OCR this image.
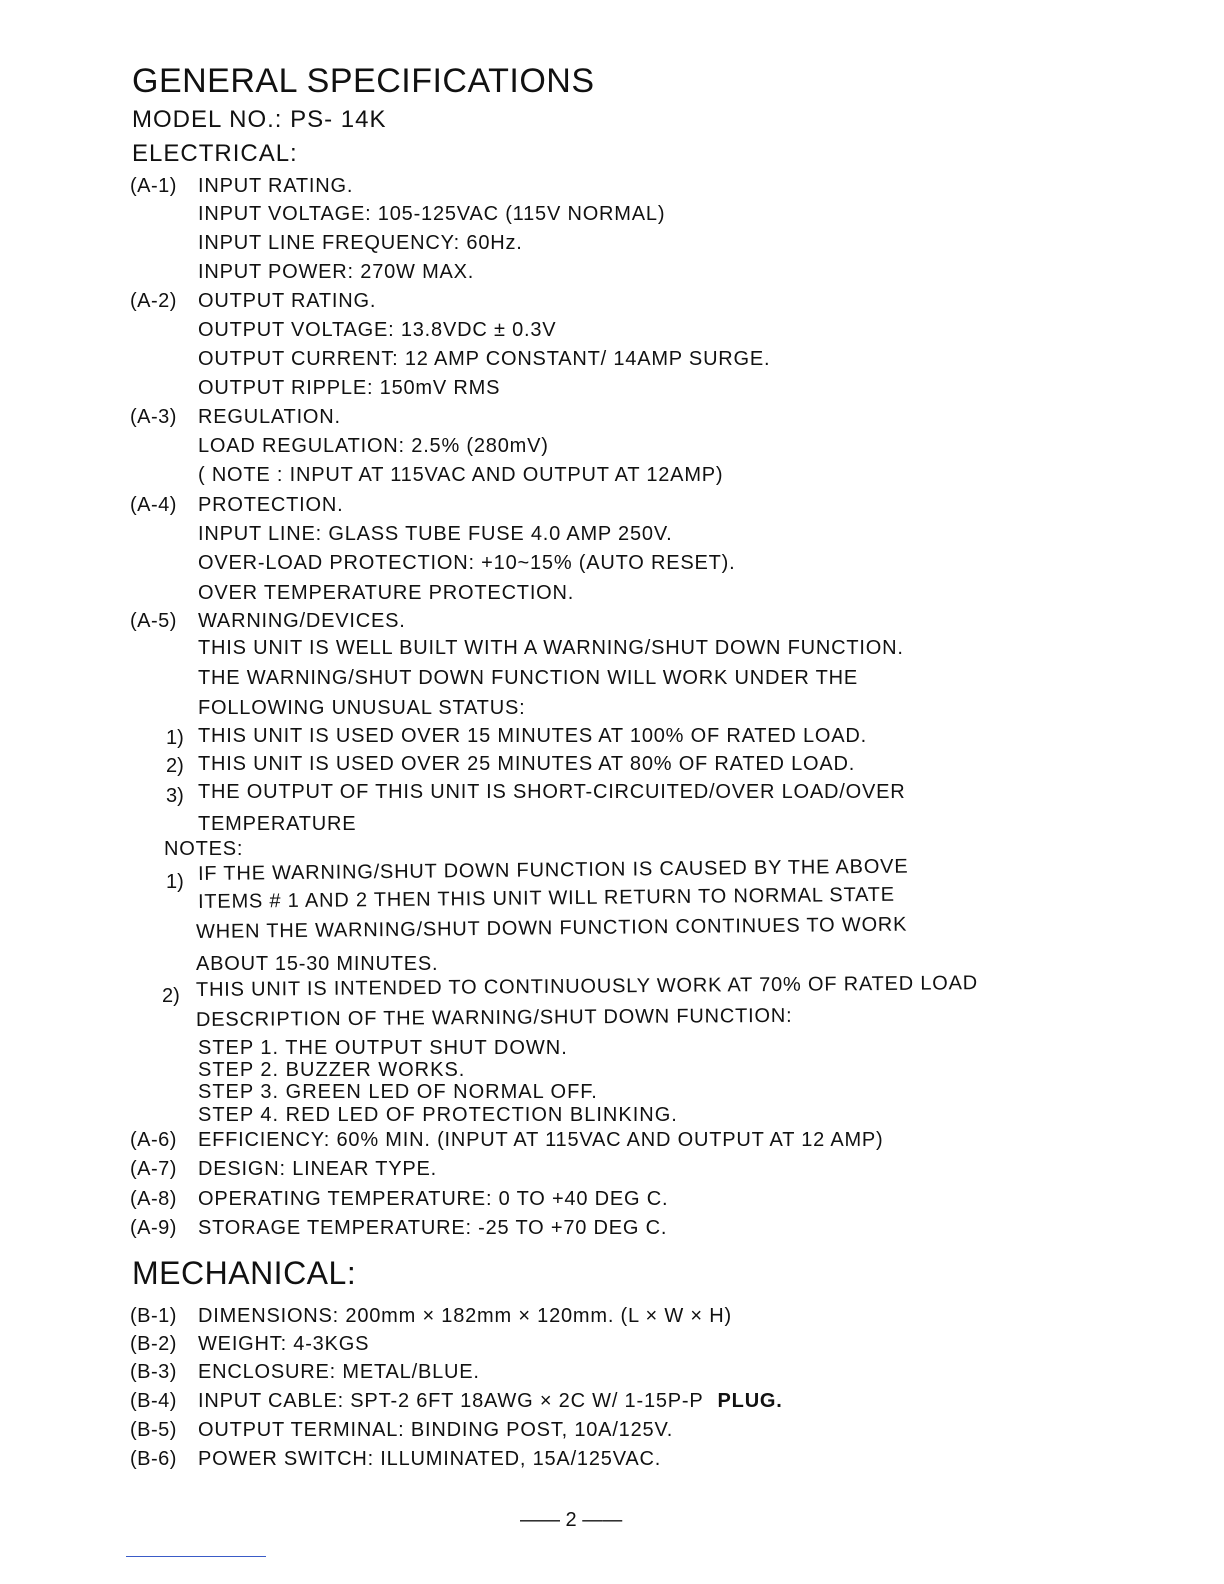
GENERAL SPECIFICATIONS
MODEL NO.: PS- 14K
ELECTRICAL:
(A-1) INPUT RATING.
INPUT VOLTAGE: 105-125VAC (115V NORMAL)
INPUT LINE FREQUENCY: 60Hz.
INPUT POWER: 270W MAX.
(A-2) OUTPUT RATING.
OUTPUT VOLTAGE: 13.8VDC ± 0.3V
OUTPUT CURRENT: 12 AMP CONSTANT/ 14AMP SURGE.
OUTPUT RIPPLE: 150mV RMS
(A-3) REGULATION.
LOAD REGULATION: 2.5% (280mV)
( NOTE : INPUT AT 115VAC AND OUTPUT AT 12AMP)
(A-4) PROTECTION.
INPUT LINE: GLASS TUBE FUSE 4.0 AMP 250V.
OVER-LOAD PROTECTION: +10~15% (AUTO RESET).
OVER TEMPERATURE PROTECTION.
(A-5) WARNING/DEVICES.
THIS UNIT IS WELL BUILT WITH A WARNING/SHUT DOWN FUNCTION.
THE WARNING/SHUT DOWN FUNCTION WILL WORK UNDER THE
FOLLOWING UNUSUAL STATUS:
1) THIS UNIT IS USED OVER 15 MINUTES AT 100% OF RATED LOAD.
2) THIS UNIT IS USED OVER 25 MINUTES AT 80% OF RATED LOAD.
3) THE OUTPUT OF THIS UNIT IS SHORT-CIRCUITED/OVER LOAD/OVER
TEMPERATURE
NOTES:
1) IF THE WARNING/SHUT DOWN FUNCTION IS CAUSED BY THE ABOVE
ITEMS # 1 AND 2 THEN THIS UNIT WILL RETURN TO NORMAL STATE
WHEN THE WARNING/SHUT DOWN FUNCTION CONTINUES TO WORK
ABOUT 15-30 MINUTES.
2) THIS UNIT IS INTENDED TO CONTINUOUSLY WORK AT 70% OF RATED LOAD
DESCRIPTION OF THE WARNING/SHUT DOWN FUNCTION:
STEP 1. THE OUTPUT SHUT DOWN.
STEP 2. BUZZER WORKS.
STEP 3. GREEN LED OF NORMAL OFF.
STEP 4. RED LED OF PROTECTION BLINKING.
(A-6) EFFICIENCY: 60% MIN. (INPUT AT 115VAC AND OUTPUT AT 12 AMP)
(A-7) DESIGN: LINEAR TYPE.
(A-8) OPERATING TEMPERATURE: 0 TO +40 DEG C.
(A-9) STORAGE TEMPERATURE: -25 TO +70 DEG C.
MECHANICAL:
(B-1) DIMENSIONS: 200mm × 182mm × 120mm. (L × W × H)
(B-2) WEIGHT: 4-3KGS
(B-3) ENCLOSURE: METAL/BLUE.
(B-4) INPUT CABLE: SPT-2 6FT 18AWG × 2C W/ 1-15P-P PLUG.
(B-5) OUTPUT TERMINAL: BINDING POST, 10A/125V.
(B-6) POWER SWITCH: ILLUMINATED, 15A/125VAC.
—— 2 ——
